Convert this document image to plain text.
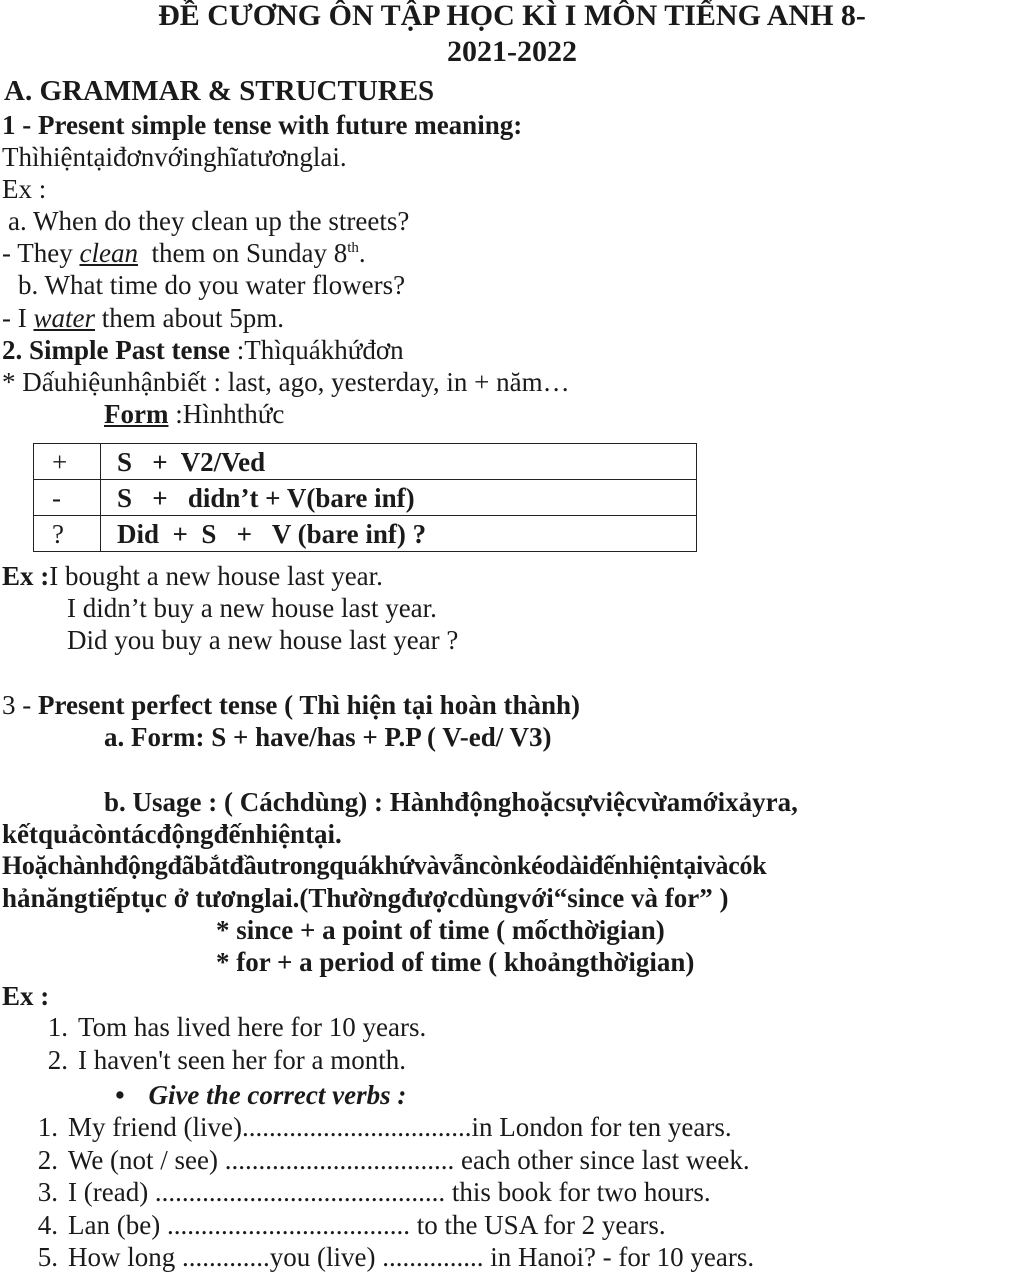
ĐỀ CƯƠNG ÔN TẬP HỌC KÌ I MÔN TIẾNG ANH 8-
2021-2022
A. GRAMMAR & STRUCTURES
1 - Present simple tense with future meaning:
Thìhiệntạiđơnvớinghĩatươnglai.
Ex :
a. When do they clean up the streets?
- They clean  them on Sunday 8th.
b. What time do you water flowers?
- I water them about 5pm.
2. Simple Past tense :Thìquákhứđơn
* Dấuhiệunhậnbiết : last, ago, yesterday, in + năm…
Form :Hìnhthức
+	S   +  V2/Ved
-	S   +   didn’t + V(bare inf)
?	Did  +  S   +   V (bare inf) ?
Ex :I bought a new house last year.
I didn’t buy a new house last year.
Did you buy a new house last year ?
3 - Present perfect tense ( Thì hiện tại hoàn thành)
a. Form: S + have/has + P.P ( V-ed/ V3)
b. Usage : ( Cáchdùng) : Hànhđộnghoặcsựviệcvừamớixảyra,
kếtquảcòntácđộngđếnhiệntại.
Hoặchànhđộngđãbắtđầutrongquákhứvàvẫncònkéodàiđếnhiệntạivàcók
hảnăngtiếptục ở tươnglai.(Thườngđượcdùngvới“since và for” )
* since + a point of time ( mốcthờigian)
* for + a period of time ( khoảngthờigian)
Ex :
1. Tom has lived here for 10 years.
2. I haven't seen her for a month.
• Give the correct verbs :
1. My friend (live)..................................in London for ten years.
2. We (not / see) .................................. each other since last week.
3. I (read) ........................................... this book for two hours.
4. Lan (be) .................................... to the USA for 2 years.
5. How long .............you (live) ............... in Hanoi? - for 10 years.
